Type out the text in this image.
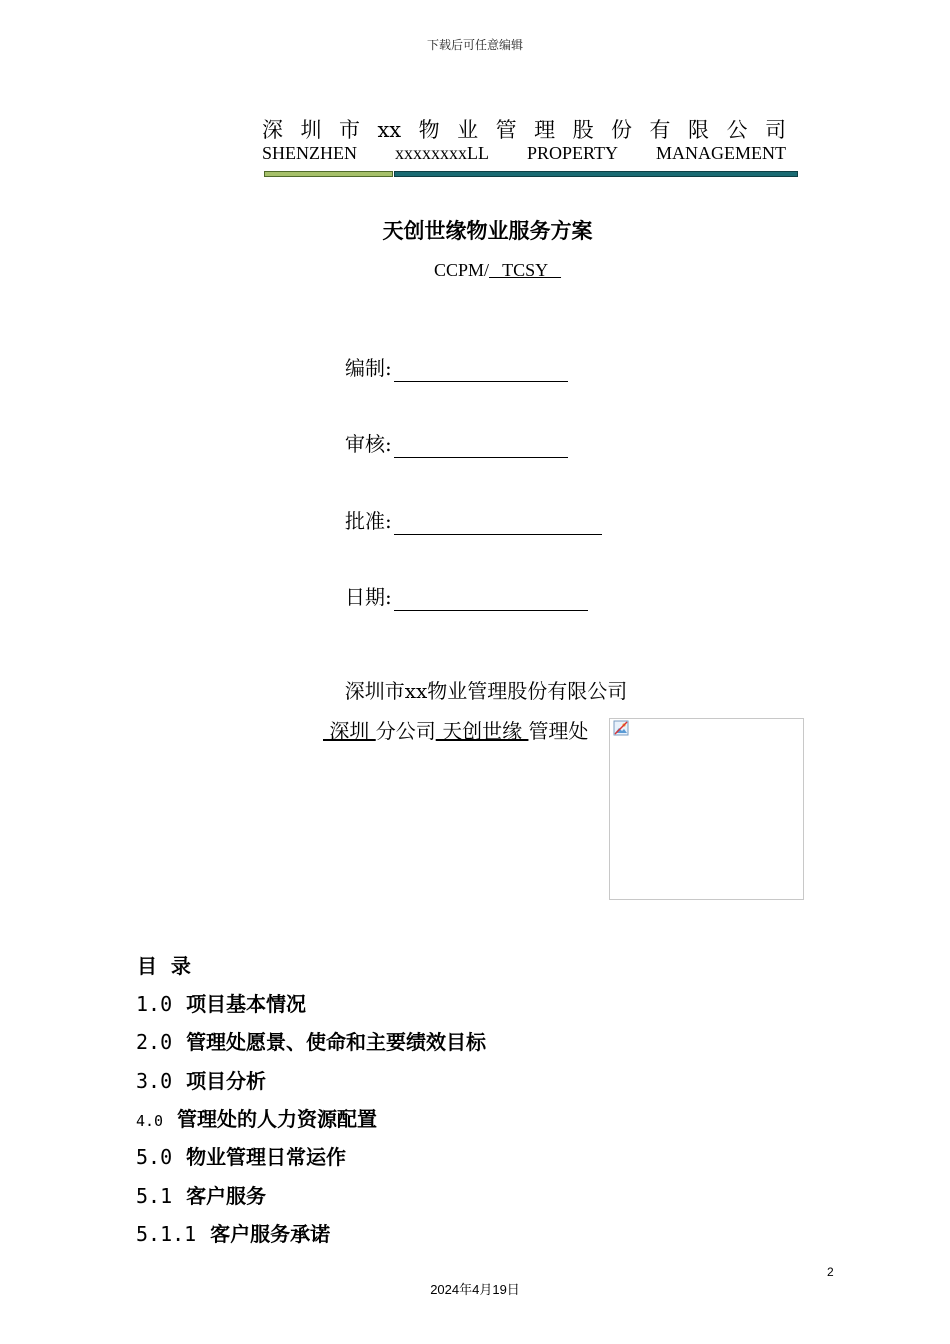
下载后可任意编辑
深 圳 市 xx 物 业 管 理 股 份 有 限 公 司
SHENZHEN xxxxxxxxLL PROPERTY MANAGEMENT
天创世缘物业服务方案
CCPM/   TCSY
编制:
审核:
批准:
日期:
深圳市xx物业管理股份有限公司
深圳 分公司 天创世缘 管理处
目  录
1.0 项目基本情况
2.0 管理处愿景、使命和主要绩效目标
3.0 项目分析
4.0 管理处的人力资源配置
5.0 物业管理日常运作
5.1 客户服务
5.1.1 客户服务承诺
2
2024年4月19日
